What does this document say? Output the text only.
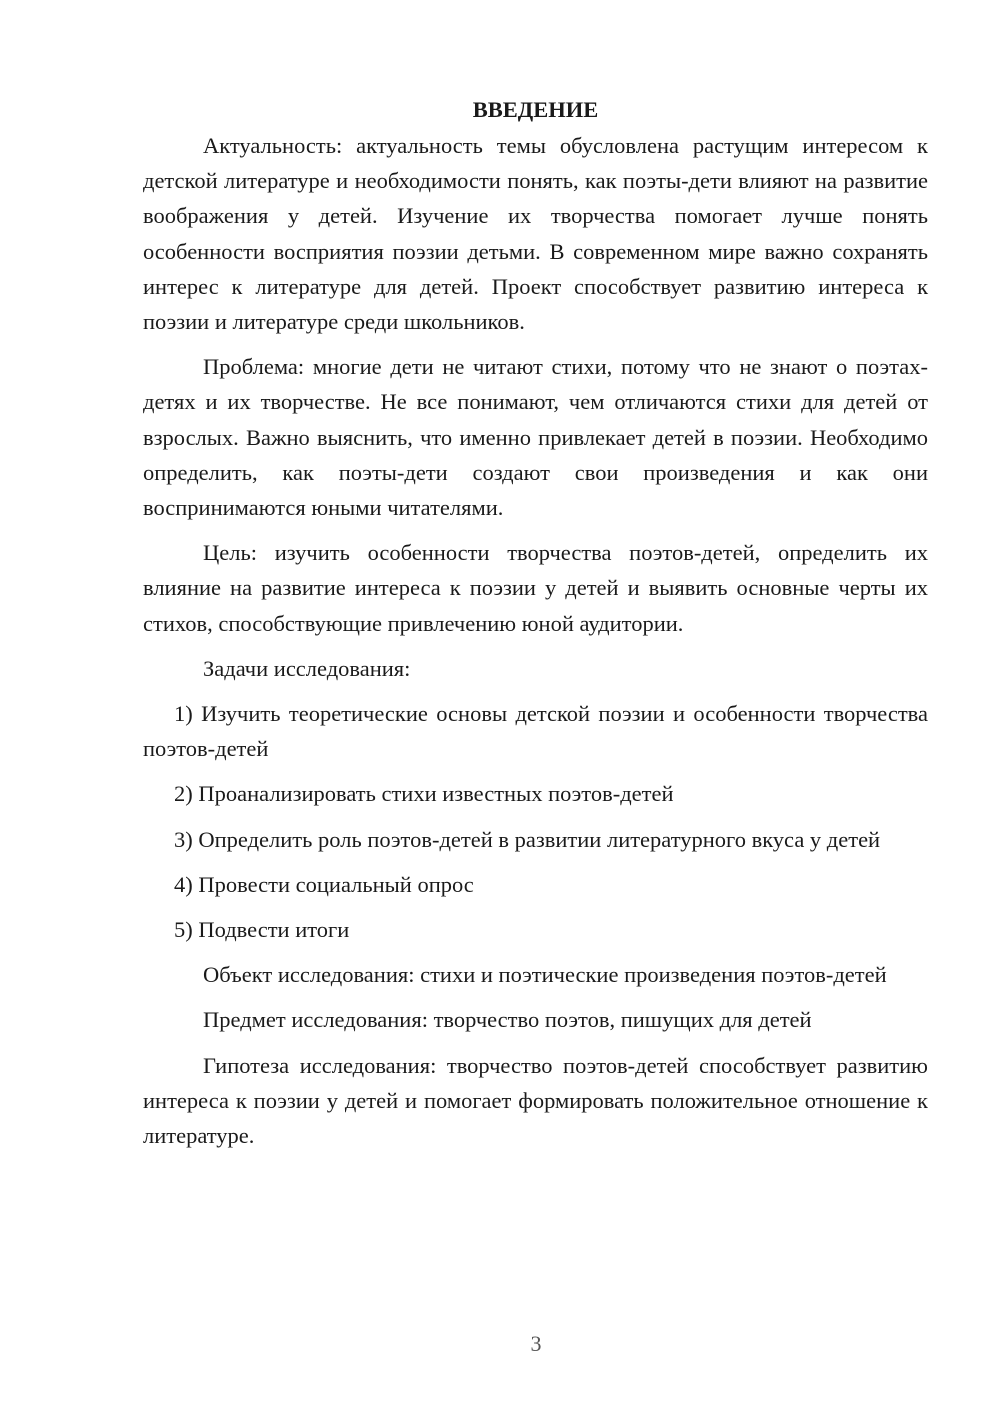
ВВЕДЕНИЕ

Актуальность: актуальность темы обусловлена растущим интересом к детской литературе и необходимости понять, как поэты-дети влияют на развитие воображения у детей. Изучение их творчества помогает лучше понять особенности восприятия поэзии детьми. В современном мире важно сохранять интерес к литературе для детей. Проект способствует развитию интереса к поэзии и литературе среди школьников.

Проблема: многие дети не читают стихи, потому что не знают о поэтах-детях и их творчестве. Не все понимают, чем отличаются стихи для детей от взрослых. Важно выяснить, что именно привлекает детей в поэзии. Необходимо определить, как поэты-дети создают свои произведения и как они воспринимаются юными читателями.

Цель: изучить особенности творчества поэтов-детей, определить их влияние на развитие интереса к поэзии у детей и выявить основные черты их стихов, способствующие привлечению юной аудитории.

Задачи исследования:

1) Изучить теоретические основы детской поэзии и особенности творчества поэтов-детей

2) Проанализировать стихи известных поэтов-детей

3) Определить роль поэтов-детей в развитии литературного вкуса у детей

4) Провести социальный опрос

5) Подвести итоги

Объект исследования: стихи и поэтические произведения поэтов-детей

Предмет исследования: творчество поэтов, пишущих для детей

Гипотеза исследования: творчество поэтов-детей способствует развитию интереса к поэзии у детей и помогает формировать положительное отношение к литературе.

3
